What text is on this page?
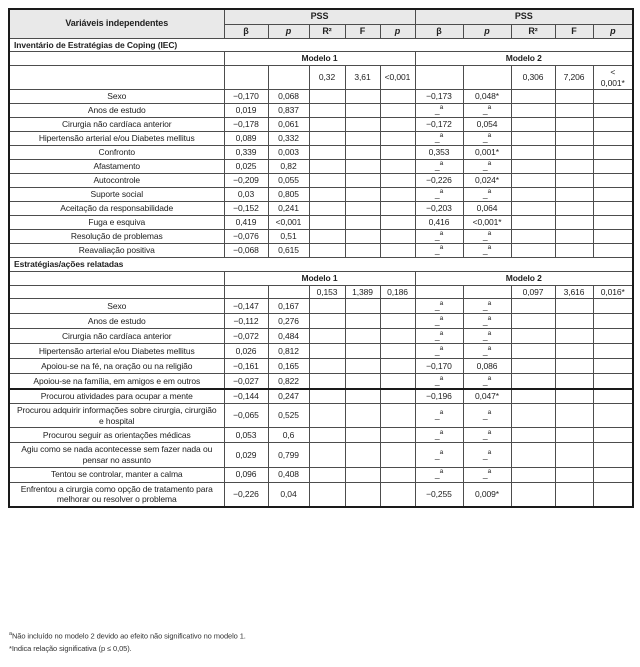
Variáveis independentes	PSS					PSS				
	β	p	R²	F	p	β	p	R²	F	p
Inventário de Estratégias de Coping (IEC)										
	Modelo 1					Modelo 2				
			0,32	3,61	<0,001			0,306	7,206	< 0,001*
Sexo	−0,170	0,068				−0,173	0,048*			
Anos de estudo	0,019	0,837				_$^a$	_$^a$			
Cirurgia não cardíaca anterior	−0,178	0,061				−0,172	0,054			
Hipertensão arterial e/ou Diabetes mellitus	0,089	0,332				_$^a$	_$^a$			
Confronto	0,339	0,003				0,353	0,001*			
Afastamento	0,025	0,82				_$^a$	_$^a$			
Autocontrole	−0,209	0,055				−0,226	0,024*			
Suporte social	0,03	0,805				_$^a$	_$^a$			
Aceitação da responsabilidade	−0,152	0,241				−0,203	0,064			
Fuga e esquiva	0,419	<0,001				0,416	<0,001*			
Resolução de problemas	−0,076	0,51				_$^a$	_$^a$			
Reavaliação positiva	−0,068	0,615				_$^a$	_$^a$			
Estratégias/ações relatadas										
	Modelo 1					Modelo 2				
			0,153	1,389	0,186			0,097	3,616	0,016*
Sexo	−0,147	0,167				_$^a$	_$^a$			
Anos de estudo	−0,112	0,276				_$^a$	_$^a$			
Cirurgia não cardíaca anterior	−0,072	0,484				_$^a$	_$^a$			
Hipertensão arterial e/ou Diabetes mellitus	0,026	0,812				_$^a$	_$^a$			
Apoiou-se na fé, na oração ou na religião	−0,161	0,165				−0,170	0,086			
Apoiou-se na família, em amigos e em outros	−0,027	0,822				_$^a$	_$^a$			
Procurou atividades para ocupar a mente	−0,144	0,247				−0,196	0,047*			
Procurou adquirir informações sobre cirurgia, cirurgião e hospital	−0,065	0,525				_$^a$	_$^a$			
Procurou seguir as orientações médicas	0,053	0,6				_$^a$	_$^a$			
Agiu como se nada acontecesse sem fazer nada ou pensar no assunto	0,029	0,799				_$^a$	_$^a$			
Tentou se controlar, manter a calma	0,096	0,408				_$^a$	_$^a$			
Enfrentou a cirurgia como opção de tratamento para melhorar ou resolver o problema	−0,226	0,04				−0,255	0,009*			
$^a$Não incluído no modelo 2 devido ao efeito não significativo no modelo 1.
*Indica relação significativa (p ≤ 0,05).
